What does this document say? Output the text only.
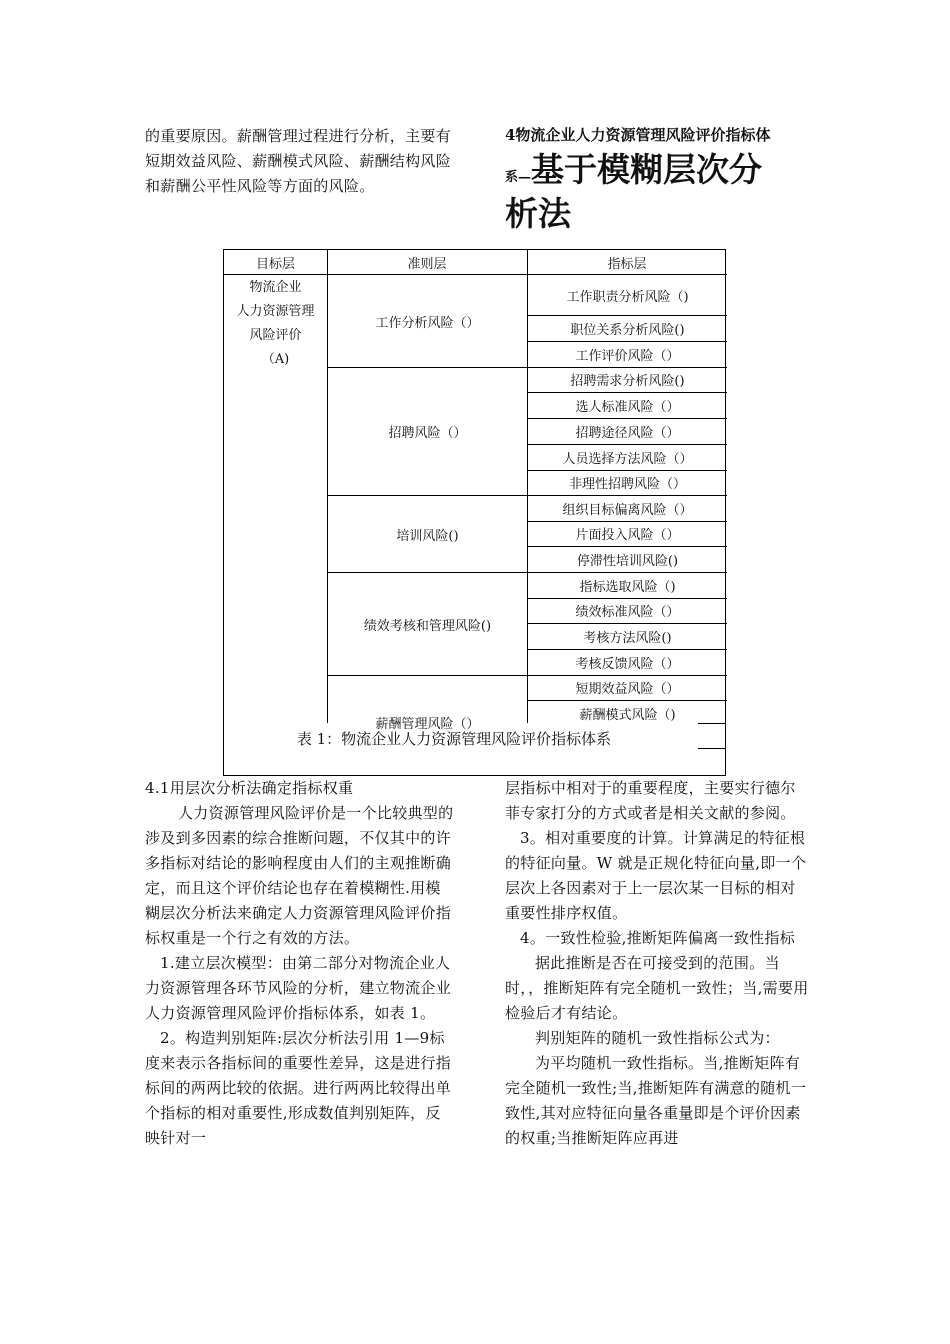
的重要原因。薪酬管理过程进行分析，主要有短期效益风险、薪酬模式风险、薪酬结构风险和薪酬公平性风险等方面的风险。

4物流企业人力资源管理风险评价指标体
系—基于模糊层次分
析法
目标层	准则层	指标层
物流企业
人力资源管理
风险评价
（A)
工作分析风险（）
招聘风险（）
培训风险()
绩效考核和管理风险()
薪酬管理风险（）
工作职责分析风险（)
职位关系分析风险()
工作评价风险（）
招聘需求分析风险()
选人标准风险（）
招聘途径风险（）
人员选择方法风险（）
非理性招聘风险（）
组织目标偏离风险（）
片面投入风险（）
停滞性培训风险()
指标选取风险（)
绩效标准风险（）
考核方法风险()
考核反馈风险（）
短期效益风险（）
薪酬模式风险（)
表 1：物流企业人力资源管理风险评价指标体系

4.1用层次分析法确定指标权重

人力资源管理风险评价是一个比较典型的涉及到多因素的综合推断问题，不仅其中的许多指标对结论的影响程度由人们的主观推断确定，而且这个评价结论也存在着模糊性.用模糊层次分析法来确定人力资源管理风险评价指标权重是一个行之有效的方法。

1.建立层次模型：由第二部分对物流企业人力资源管理各环节风险的分析，建立物流企业人力资源管理风险评价指标体系，如表 1。

2。构造判别矩阵:层次分析法引用 1—9标度来表示各指标间的重要性差异，这是进行指标间的两两比较的依据。进行两两比较得出单个指标的相对重要性,形成数值判别矩阵，反映针对一

层指标中相对于的重要程度，主要实行德尔菲专家打分的方式或者是相关文献的参阅。

3。相对重要度的计算。计算满足的特征根的特征向量。W 就是正规化特征向量,即一个层次上各因素对于上一层次某一目标的相对重要性排序权值。

4。一致性检验,推断矩阵偏离一致性指标

据此推断是否在可接受到的范围。当时，，推断矩阵有完全随机一致性；当,需要用检验后才有结论。

判别矩阵的随机一致性指标公式为：

为平均随机一致性指标。当,推断矩阵有完全随机一致性;当,推断矩阵有满意的随机一致性,其对应特征向量各重量即是个评价因素的权重;当推断矩阵应再进
